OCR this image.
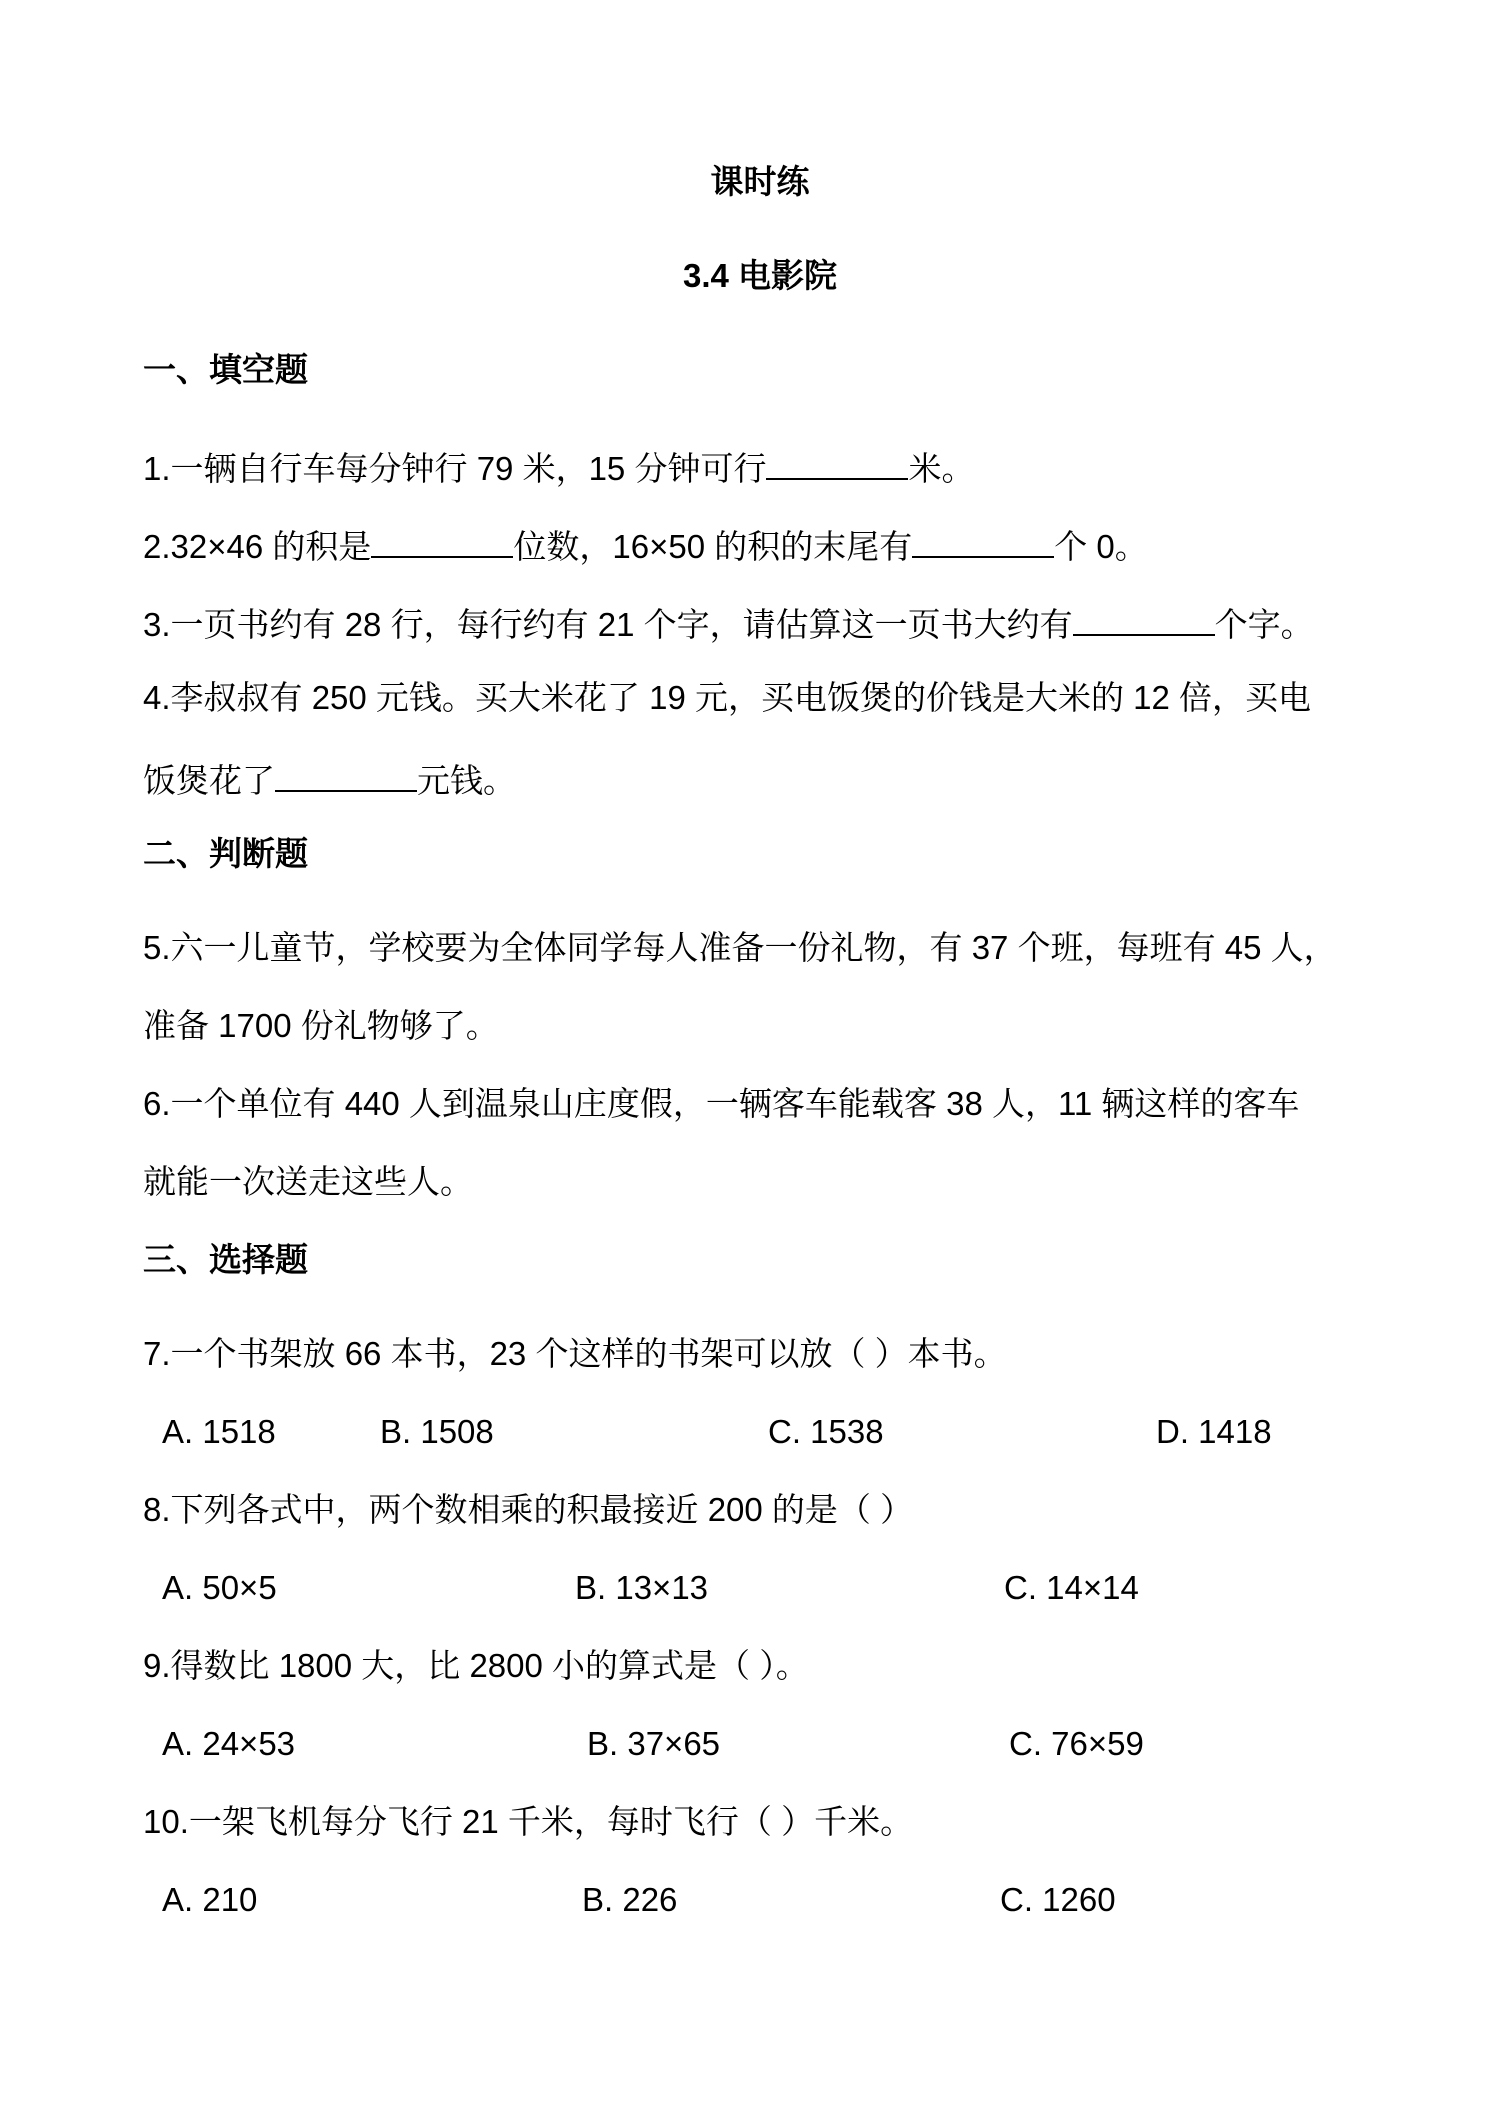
课时练
3.4 电影院
一、填空题
1.一辆自行车每分钟行 79 米，15 分钟可行	米。
2.32×46 的积是	位数，16×50 的积的末尾有	个 0。
3.一页书约有 28 行，每行约有 21 个字，请估算这一页书大约有	个字。
4.李叔叔有 250 元钱。买大米花了 19 元，买电饭煲的价钱是大米的 12 倍，买电
饭煲花了	元钱。
二、判断题
5.六一儿童节，学校要为全体同学每人准备一份礼物，有 37 个班，每班有 45 人，
准备 1700 份礼物够了。
6.一个单位有 440 人到温泉山庄度假，一辆客车能载客 38 人，11 辆这样的客车
就能一次送走这些人。
三、选择题
7.一个书架放 66 本书，23 个这样的书架可以放（ ）本书。
A. 1518	B. 1508	C. 1538	D. 1418
8.下列各式中，两个数相乘的积最接近 200 的是（ ）
A. 50×5	B. 13×13	C. 14×14
9.得数比 1800 大，比 2800 小的算式是（ ）。
A. 24×53	B. 37×65	C. 76×59
10.一架飞机每分飞行 21 千米，每时飞行（ ）千米。
A. 210	B. 226	C. 1260
